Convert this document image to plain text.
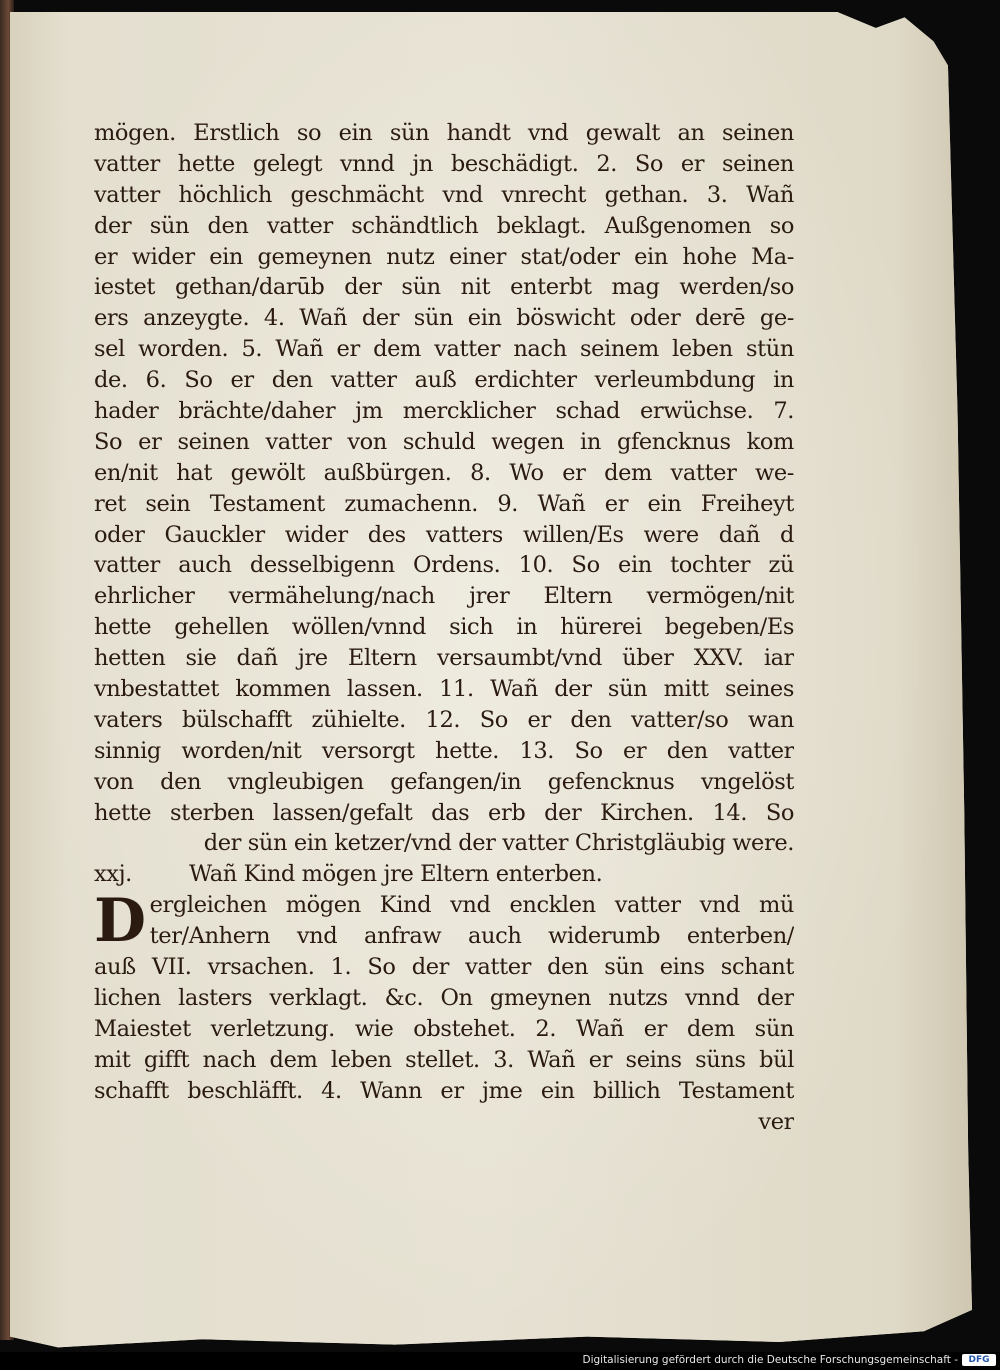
mögen. Erstlich so ein sün handt vnd gewalt an seinen
vatter hette gelegt vnnd jn beschädigt. 2. So er seinen
vatter höchlich geschmächt vnd vnrecht gethan. 3. Wañ
der sün den vatter schändtlich beklagt. Außgenomen so
er wider ein gemeynen nutz einer stat/oder ein hohe Ma-
iestet gethan/darūb der sün nit enterbt mag werden/so
ers anzeygte. 4. Wañ der sün ein böswicht oder derē ge-
sel worden. 5. Wañ er dem vatter nach seinem leben stün
de. 6. So er den vatter auß erdichter verleumbdung in
hader brächte/daher jm mercklicher schad erwüchse. 7.
So er seinen vatter von schuld wegen in gfencknus kom
en/nit hat gewölt außbürgen. 8. Wo er dem vatter we-
ret sein Testament zumachenn. 9. Wañ er ein Freiheyt
oder Gauckler wider des vatters willen/Es were dañ d
vatter auch desselbigenn Ordens. 10. So ein tochter zü
ehrlicher vermähelung/nach jrer Eltern vermögen/nit
hette gehellen wöllen/vnnd sich in hürerei begeben/Es
hetten sie dañ jre Eltern versaumbt/vnd über XXV. iar
vnbestattet kommen lassen. 11. Wañ der sün mitt seines
vaters bülschafft zühielte. 12. So er den vatter/so wan
sinnig worden/nit versorgt hette. 13. So er den vatter
von den vngleubigen gefangen/in gefencknus vngelöst
hette sterben lassen/gefalt das erb der Kirchen. 14. So
der sün ein ketzer/vnd der vatter Christgläubig were.
xxj.	Wañ Kind mögen jre Eltern enterben.
D ergleichen mögen Kind vnd encklen vatter vnd mü
ter/Anhern vnd anfraw auch widerumb enterben/
auß VII. vrsachen. 1. So der vatter den sün eins schant
lichen lasters verklagt. &c. On gmeynen nutzs vnnd der
Maiestet verletzung. wie obstehet. 2. Wañ er dem sün
mit gifft nach dem leben stellet. 3. Wañ er seins süns bül
schafft beschläfft. 4. Wann er jme ein billich Testament
ver
Digitalisierung gefördert durch die Deutsche Forschungsgemeinschaft -	DFG
